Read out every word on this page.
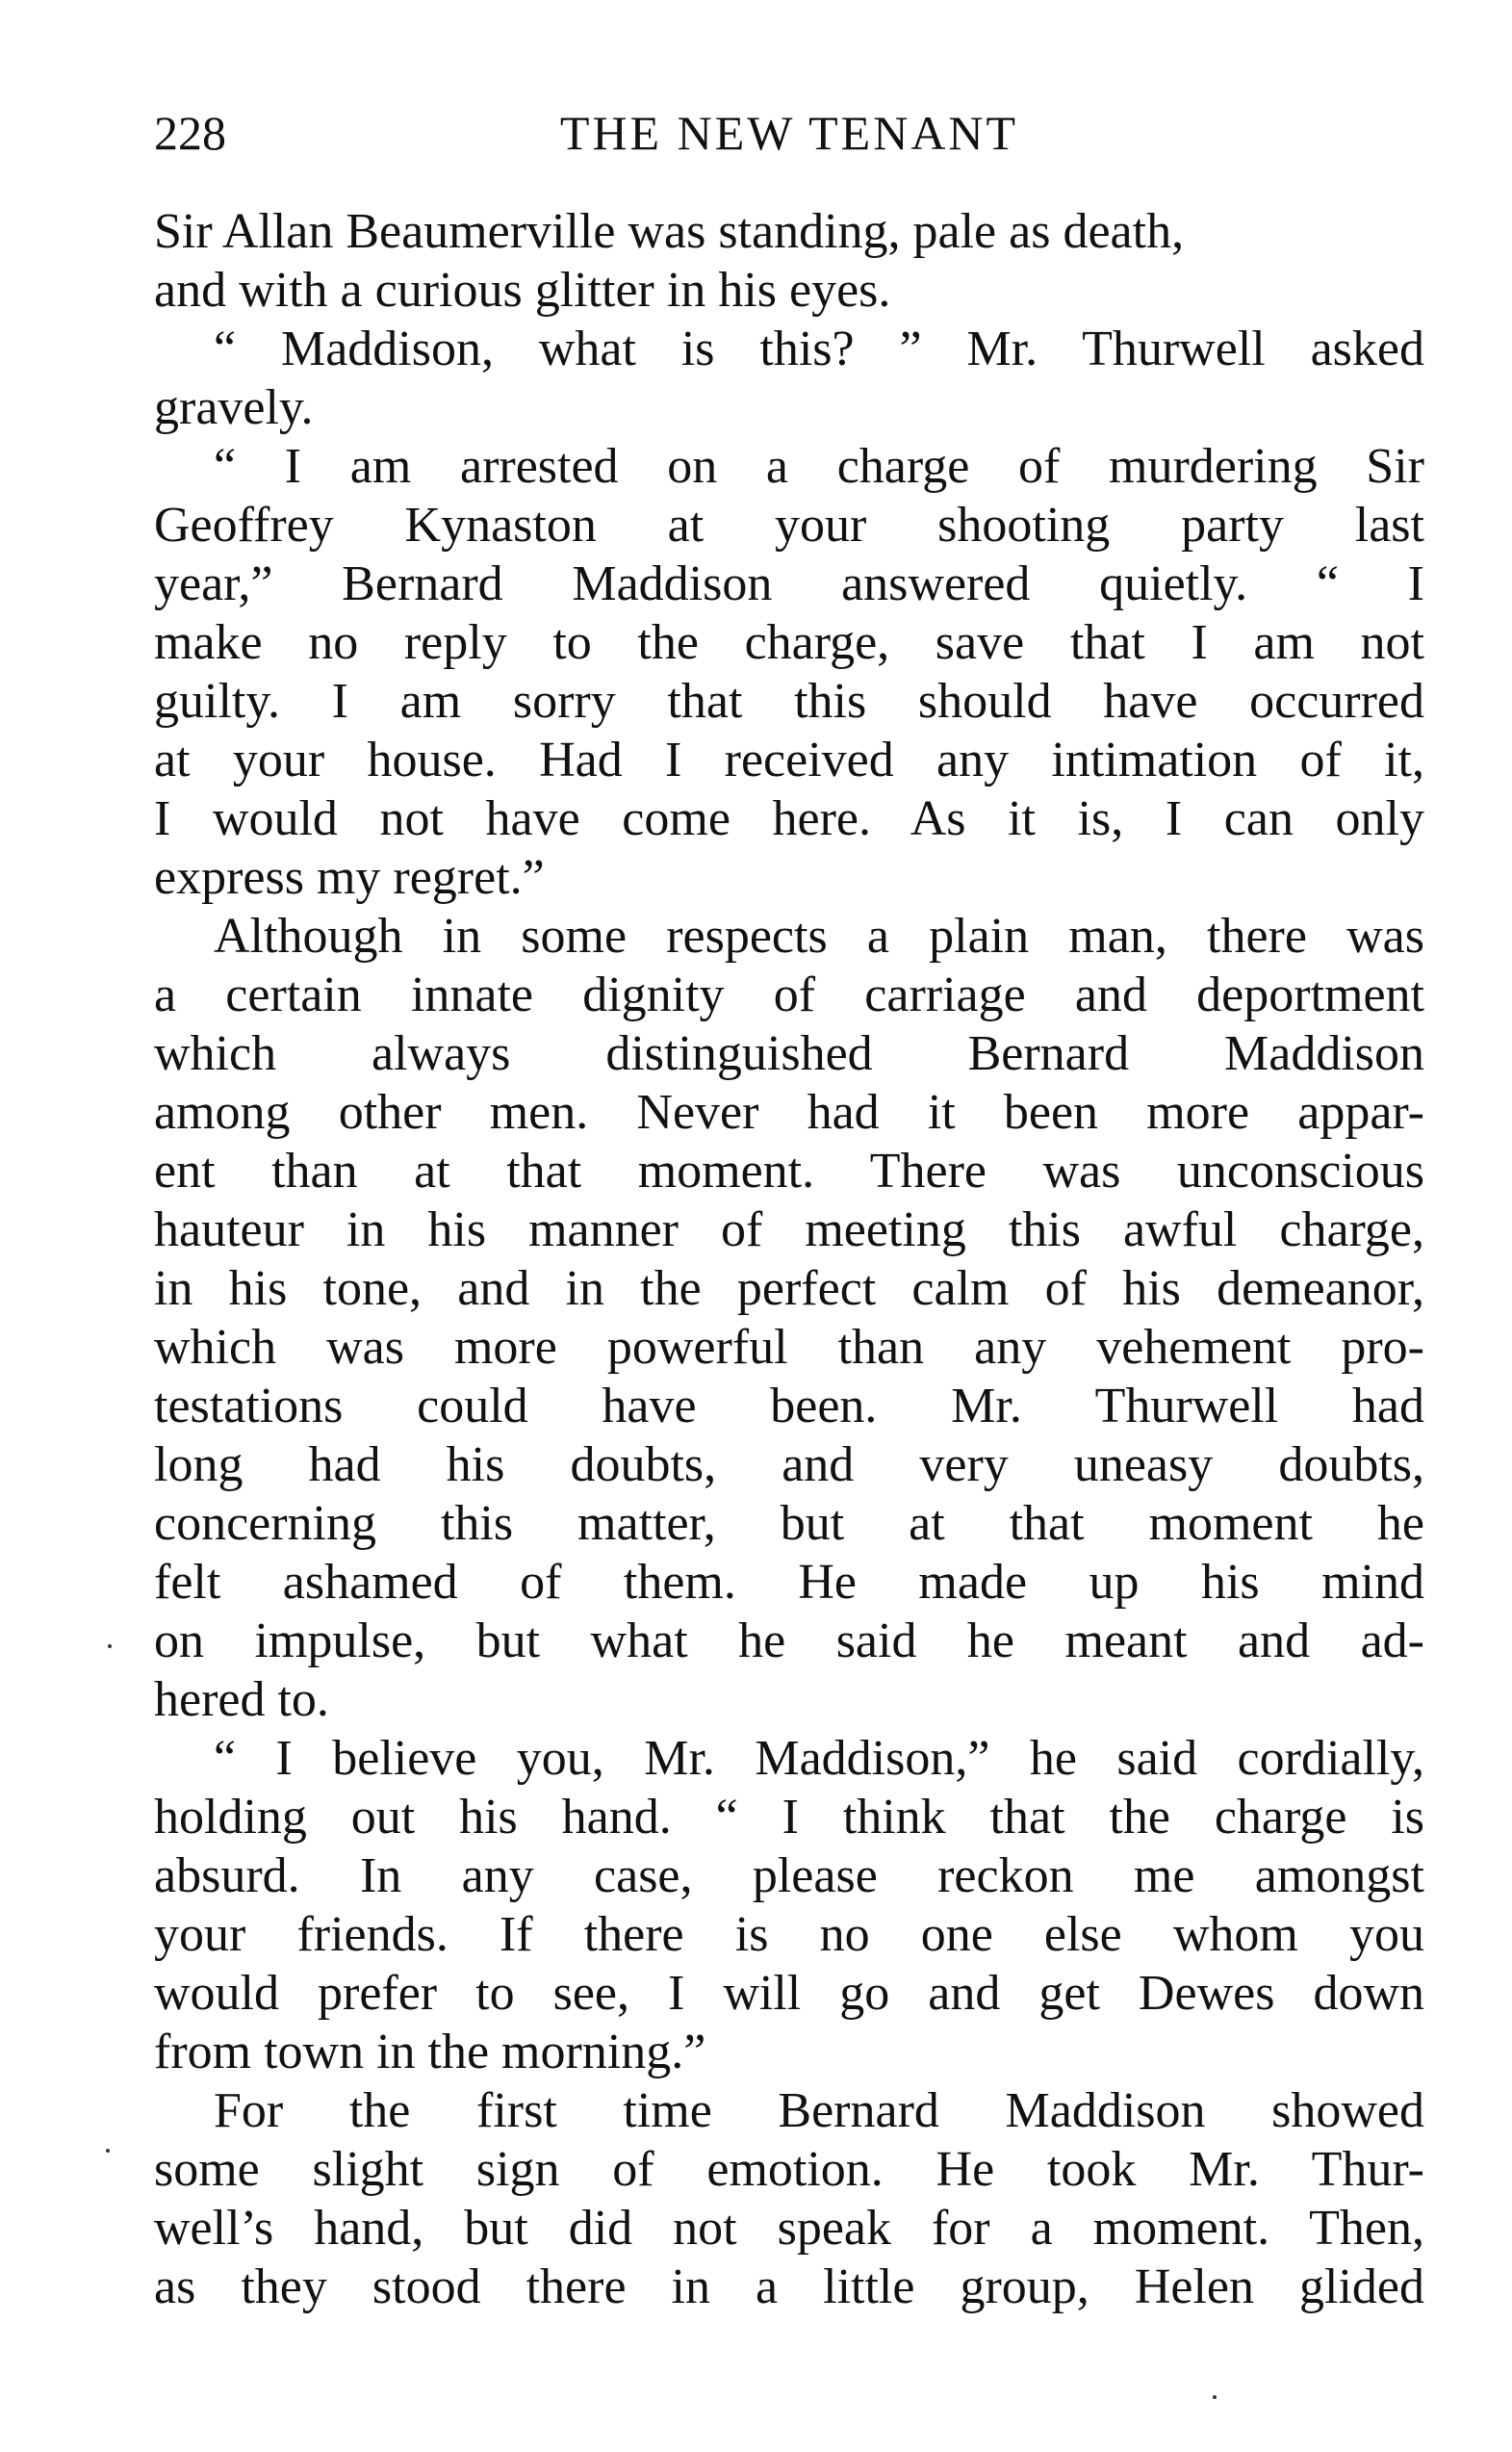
228	THE NEW TENANT
Sir Allan Beaumerville was standing, pale as death,
and with a curious glitter in his eyes.
“ Maddison, what is this? ” Mr. Thurwell asked
gravely.
“ I am arrested on a charge of murdering Sir
Geoffrey Kynaston at your shooting party last
year,” Bernard Maddison answered quietly. “ I
make no reply to the charge, save that I am not
guilty. I am sorry that this should have occurred
at your house. Had I received any intimation of it,
I would not have come here. As it is, I can only
express my regret.”
Although in some respects a plain man, there was
a certain innate dignity of carriage and deportment
which always distinguished Bernard Maddison
among other men. Never had it been more appar-
ent than at that moment. There was unconscious
hauteur in his manner of meeting this awful charge,
in his tone, and in the perfect calm of his demeanor,
which was more powerful than any vehement pro-
testations could have been. Mr. Thurwell had
long had his doubts, and very uneasy doubts,
concerning this matter, but at that moment he
felt ashamed of them. He made up his mind
on impulse, but what he said he meant and ad-
hered to.
“ I believe you, Mr. Maddison,” he said cordially,
holding out his hand. “ I think that the charge is
absurd. In any case, please reckon me amongst
your friends. If there is no one else whom you
would prefer to see, I will go and get Dewes down
from town in the morning.”
For the first time Bernard Maddison showed
some slight sign of emotion. He took Mr. Thur-
well’s hand, but did not speak for a moment. Then,
as they stood there in a little group, Helen glided
